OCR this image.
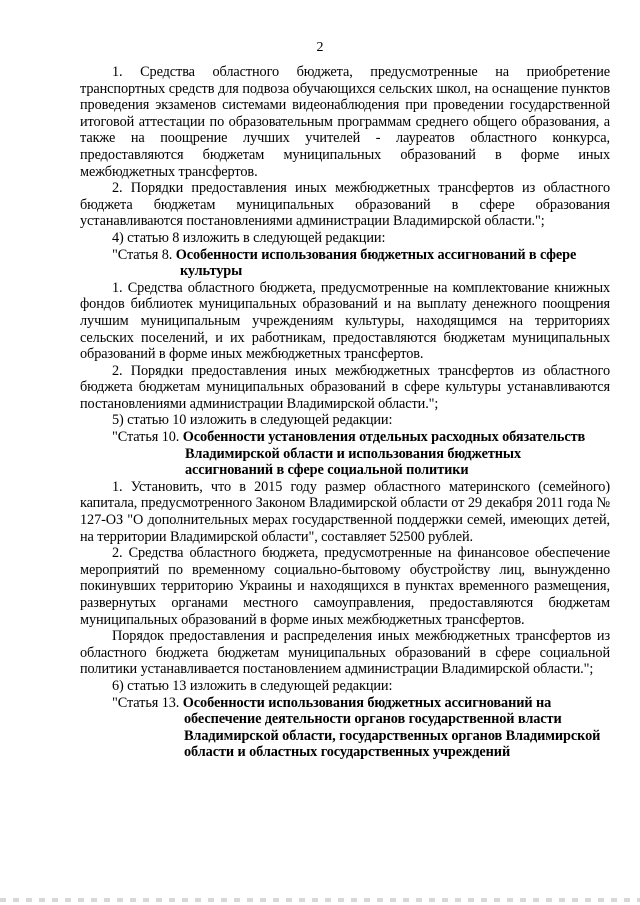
2

1. Средства областного бюджета, предусмотренные на приобретение транспортных средств для подвоза обучающихся сельских школ, на оснащение пунктов проведения экзаменов системами видеонаблюдения при проведении государственной итоговой аттестации по образовательным программам среднего общего образования, а также на поощрение лучших учителей - лауреатов областного конкурса, предоставляются бюджетам муниципальных образований в форме иных межбюджетных трансфертов.

2. Порядки предоставления иных межбюджетных трансфертов из областного бюджета бюджетам муниципальных образований в сфере образования устанавливаются постановлениями администрации Владимирской области.";

4) статью 8 изложить в следующей редакции:

"Статья 8. Особенности использования бюджетных ассигнований в сфере культуры

1. Средства областного бюджета, предусмотренные на комплектование книжных фондов библиотек муниципальных образований и на выплату денежного поощрения лучшим муниципальным учреждениям культуры, находящимся на территориях сельских поселений, и их работникам, предоставляются бюджетам муниципальных образований в форме иных межбюджетных трансфертов.

2. Порядки предоставления иных межбюджетных трансфертов из областного бюджета бюджетам муниципальных образований в сфере культуры устанавливаются постановлениями администрации Владимирской области.";

5) статью 10 изложить в следующей редакции:

"Статья 10. Особенности установления отдельных расходных обязательств Владимирской области и использования бюджетных ассигнований в сфере социальной политики

1. Установить, что в 2015 году размер областного материнского (семейного) капитала, предусмотренного Законом Владимирской области от 29 декабря 2011 года № 127-ОЗ "О дополнительных мерах государственной поддержки семей, имеющих детей, на территории Владимирской области", составляет 52500 рублей.

2. Средства областного бюджета, предусмотренные на финансовое обеспечение мероприятий по временному социально-бытовому обустройству лиц, вынужденно покинувших территорию Украины и находящихся в пунктах временного размещения, развернутых органами местного самоуправления, предоставляются бюджетам муниципальных образований в форме иных межбюджетных трансфертов.

Порядок предоставления и распределения иных межбюджетных трансфертов из областного бюджета бюджетам муниципальных образований в сфере социальной политики устанавливается постановлением администрации Владимирской области.";

6) статью 13 изложить в следующей редакции:

"Статья 13. Особенности использования бюджетных ассигнований на обеспечение деятельности органов государственной власти Владимирской области, государственных органов Владимирской области и областных государственных учреждений
